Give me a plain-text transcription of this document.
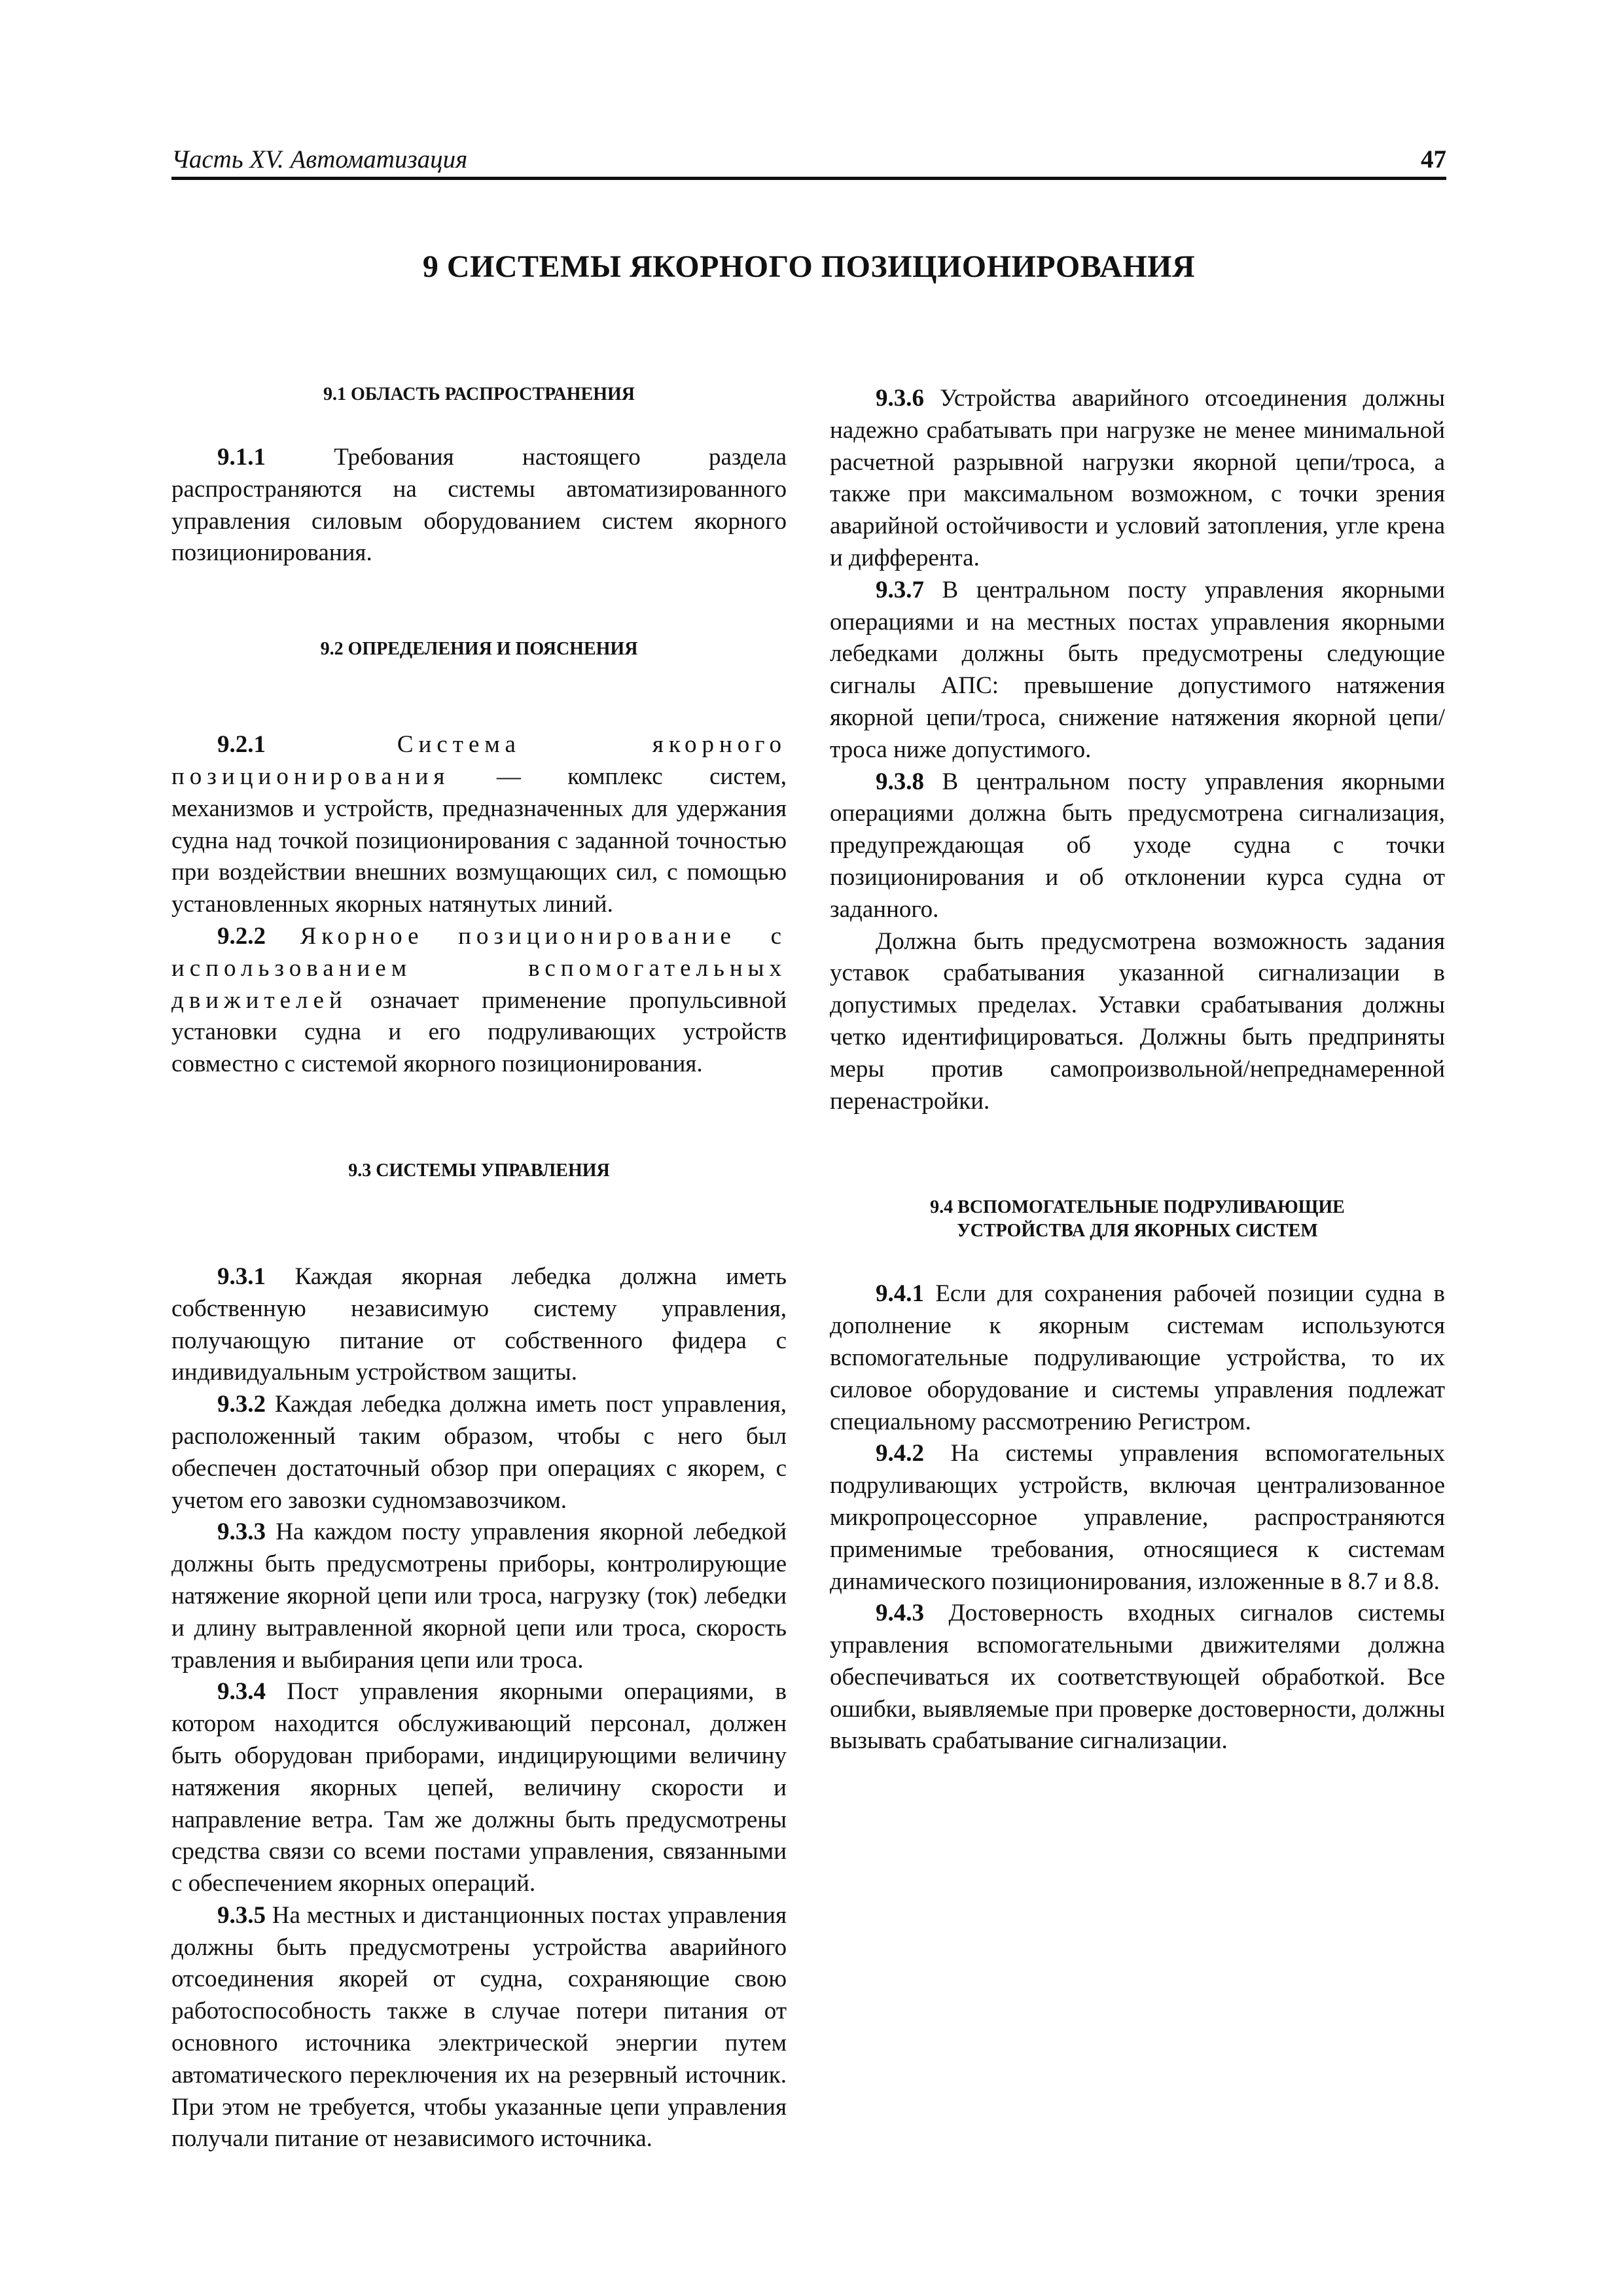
Часть XV. Автоматизация	47
9 СИСТЕМЫ ЯКОРНОГО ПОЗИЦИОНИРОВАНИЯ
9.1 ОБЛАСТЬ РАСПРОСТРАНЕНИЯ

9.1.1 Требования настоящего раздела распространяются на системы автоматизированного управления силовым оборудованием систем якорного позиционирования.

9.2 ОПРЕДЕЛЕНИЯ И ПОЯСНЕНИЯ

9.2.1 Система якорного позиционирования — комплекс систем, механизмов и устройств, предназначенных для удержания судна над точкой позиционирования с заданной точностью при воздействии внешних возмущающих сил, с помощью установленных якорных натянутых линий.

9.2.2 Якорное позиционирование с использованием вспомогательных движителей означает применение пропульсивной установки судна и его подруливающих устройств совместно с системой якорного позиционирования.

9.3 СИСТЕМЫ УПРАВЛЕНИЯ

9.3.1 Каждая якорная лебедка должна иметь собственную независимую систему управления, получающую питание от собственного фидера с индивидуальным устройством защиты.

9.3.2 Каждая лебедка должна иметь пост управления, расположенный таким образом, чтобы с него был обеспечен достаточный обзор при операциях с якорем, с учетом его завозки судномзавозчиком.

9.3.3 На каждом посту управления якорной лебедкой должны быть предусмотрены приборы, контролирующие натяжение якорной цепи или троса, нагрузку (ток) лебедки и длину вытравленной якорной цепи или троса, скорость травления и выбирания цепи или троса.

9.3.4 Пост управления якорными операциями, в котором находится обслуживающий персонал, должен быть оборудован приборами, индицирующими величину натяжения якорных цепей, величину скорости и направление ветра. Там же должны быть предусмотрены средства связи со всеми постами управления, связанными с обеспечением якорных операций.

9.3.5 На местных и дистанционных постах управления должны быть предусмотрены устройства аварийного отсоединения якорей от судна, сохраняющие свою работоспособность также в случае потери питания от основного источника электрической энергии путем автоматического переключения их на резервный источник. При этом не требуется, чтобы указанные цепи управления получали питание от независимого источника.

9.3.6 Устройства аварийного отсоединения должны надежно срабатывать при нагрузке не менее минимальной расчетной разрывной нагрузки якорной цепи/троса, а также при максимальном возможном, с точки зрения аварийной остойчивости и условий затопления, угле крена и дифферента.

9.3.7 В центральном посту управления якорными операциями и на местных постах управления якорными лебедками должны быть предусмотрены следующие сигналы АПС: превышение допустимого натяжения якорной цепи/троса, снижение натяжения якорной цепи/троса ниже допустимого.

9.3.8 В центральном посту управления якорными операциями должна быть предусмотрена сигнализация, предупреждающая об уходе судна с точки позиционирования и об отклонении курса судна от заданного.

Должна быть предусмотрена возможность задания уставок срабатывания указанной сигнализации в допустимых пределах. Уставки срабатывания должны четко идентифицироваться. Должны быть предприняты меры против самопроизвольной/непреднамеренной перенастройки.

9.4 ВСПОМОГАТЕЛЬНЫЕ ПОДРУЛИВАЮЩИЕ
УСТРОЙСТВА ДЛЯ ЯКОРНЫХ СИСТЕМ

9.4.1 Если для сохранения рабочей позиции судна в дополнение к якорным системам используются вспомогательные подруливающие устройства, то их силовое оборудование и системы управления подлежат специальному рассмотрению Регистром.

9.4.2 На системы управления вспомогательных подруливающих устройств, включая централизованное микропроцессорное управление, распространяются применимые требования, относящиеся к системам динамического позиционирования, изложенные в 8.7 и 8.8.

9.4.3 Достоверность входных сигналов системы управления вспомогательными движителями должна обеспечиваться их соответствующей обработкой. Все ошибки, выявляемые при проверке достоверности, должны вызывать срабатывание сигнализации.
